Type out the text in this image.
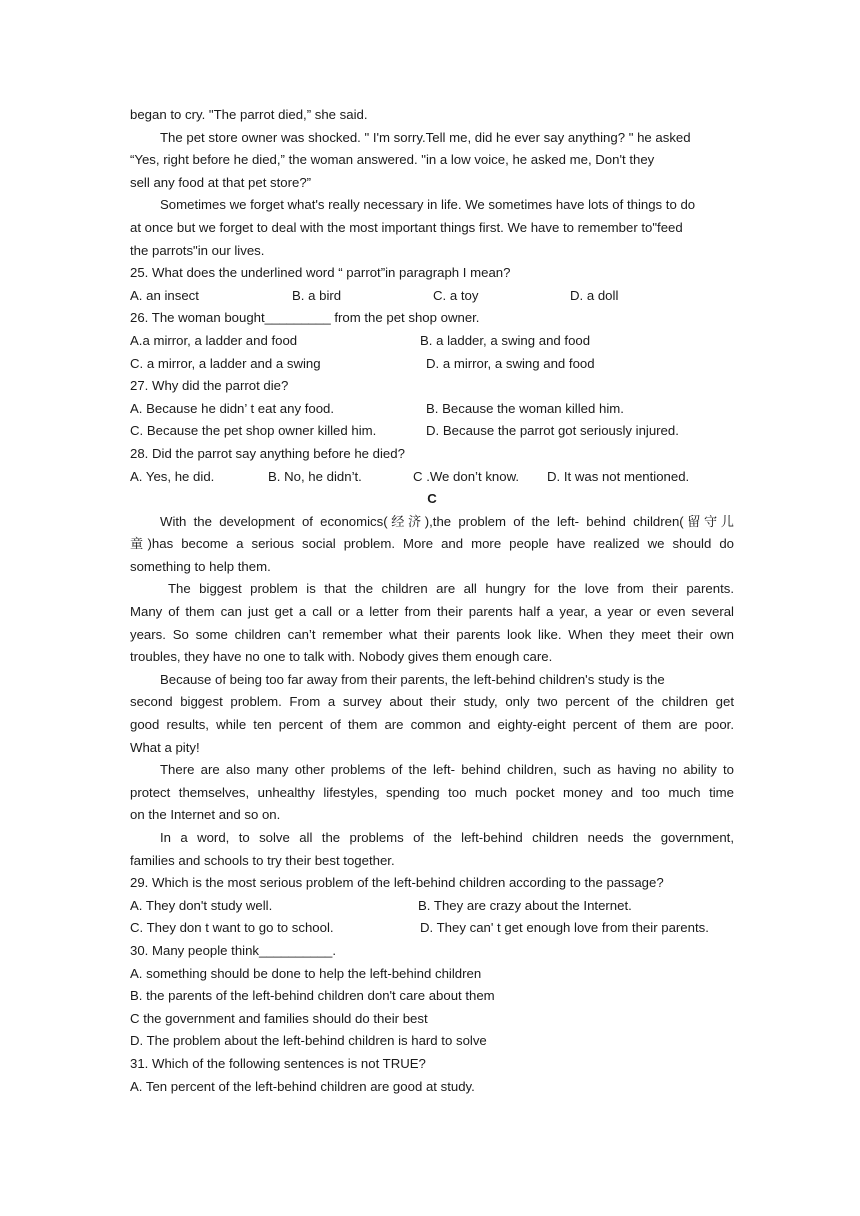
began to cry. "The parrot died,” she said.
The pet store owner was shocked. " I'm sorry.Tell me, did he ever say anything? " he asked
“Yes, right before he died,” the woman answered. "in a low voice, he asked me, Don't they
sell any food at that pet store?”
Sometimes we forget what's really necessary in life. We sometimes have lots of things to do
at once but we forget to deal with the most important things first. We have to remember to"feed
the parrots"in our lives.
25. What does the underlined word “ parrot”in paragraph I mean?
A. an insect	B. a bird	C. a toy	D. a doll
26. The woman bought_________ from the pet shop owner.
A.a mirror, a ladder and food	B. a ladder, a swing and food
C. a mirror, a ladder and a swing	D. a mirror, a swing and food
27. Why did the parrot die?
A. Because he didn’ t eat any food.	B. Because the woman killed him.
C. Because the pet shop owner killed him.	D. Because the parrot got seriously injured.
28. Did the parrot say anything before he died?
A. Yes, he did.	B. No, he didn’t.	C .We don’t know. D. It was not mentioned.
C
With the development of economics(经济),the problem of the left- behind children(留守儿
童)has become a serious social problem. More and more people have realized we should do
something to help them.
The biggest problem is that the children are all hungry for the love from their parents.
Many of them can just get a call or a letter from their parents half a year, a year or even several
years. So some children can’t remember what their parents look like. When they meet their own
troubles, they have no one to talk with. Nobody gives them enough care.
Because of being too far away from their parents, the left-behind children's study is the
second biggest problem. From a survey about their study, only two percent of the children get
good results, while ten percent of them are common and eighty-eight percent of them are poor.
What a pity!
There are also many other problems of the left- behind children, such as having no ability to
protect themselves, unhealthy lifestyles, spending too much pocket money and too much time
on the Internet and so on.
In a word, to solve all the problems of the left-behind children needs the government,
families and schools to try their best together.
29. Which is the most serious problem of the left-behind children according to the passage?
A. They don't study well.	B. They are crazy about the Internet.
C. They don t want to go to school.	D. They can' t get enough love from their parents.
30. Many people think__________.
A. something should be done to help the left-behind children
B. the parents of the left-behind children don't care about them
C the government and families should do their best
D. The problem about the left-behind children is hard to solve
31. Which of the following sentences is not TRUE?
A. Ten percent of the left-behind children are good at study.
